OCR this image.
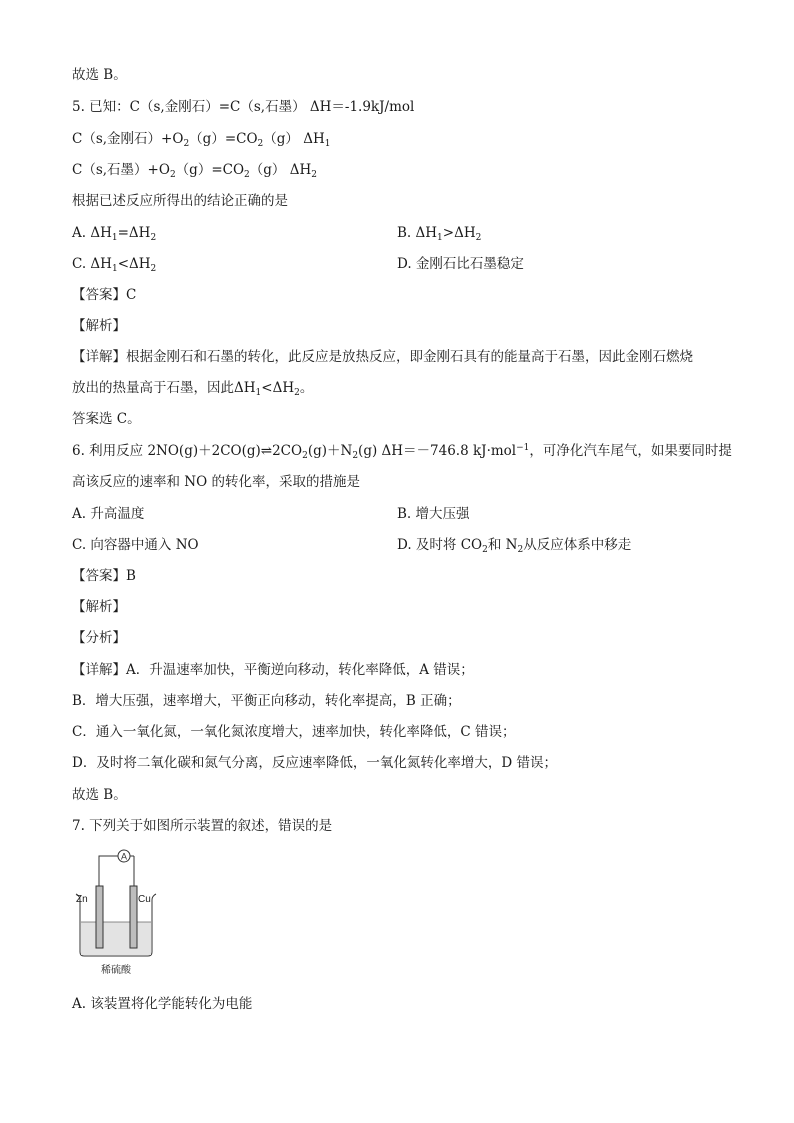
故选 B。
5. 已知：C（s,金刚石）=C（s,石墨） ΔH＝-1.9kJ/mol
C（s,金刚石）$+O_2(g)=CO_2(g)$ $\Delta H_1$
C（s,石墨）$+O_2(g)=CO_2(g)$ $\Delta H_2$
根据已述反应所得出的结论正确的是
A. $\Delta H_1=\Delta H_2$	B. $\Delta H_1>\Delta H_2$
C. $\Delta H_1<\Delta H_2$	D. 金刚石比石墨稳定
【答案】C
【解析】
【详解】根据金刚石和石墨的转化，此反应是放热反应，即金刚石具有的能量高于石墨，因此金刚石燃烧
放出的热量高于石墨，因此$\Delta H_1<\Delta H_2$。
答案选 C。
6. 利用反应 $2NO(g)+2CO(g)\rightleftharpoons 2CO_2(g)+N_2(g)$ ΔH＝－746.8 kJ·mol$^{-1}$，可净化汽车尾气，如果要同时提
高该反应的速率和 NO 的转化率，采取的措施是
A. 升高温度	B. 增大压强
C. 向容器中通入 NO	D. 及时将 $CO_2$和 $N_2$从反应体系中移走
【答案】B
【解析】
【分析】
【详解】A．升温速率加快，平衡逆向移动，转化率降低，A 错误；
B．增大压强，速率增大，平衡正向移动，转化率提高，B 正确；
C．通入一氧化氮，一氧化氮浓度增大，速率加快，转化率降低，C 错误；
D．及时将二氧化碳和氮气分离，反应速率降低，一氧化氮转化率增大，D 错误；
故选 B。
7. 下列关于如图所示装置的叙述，错误的是
A
Zn	Cu
稀硫酸
A. 该装置将化学能转化为电能
